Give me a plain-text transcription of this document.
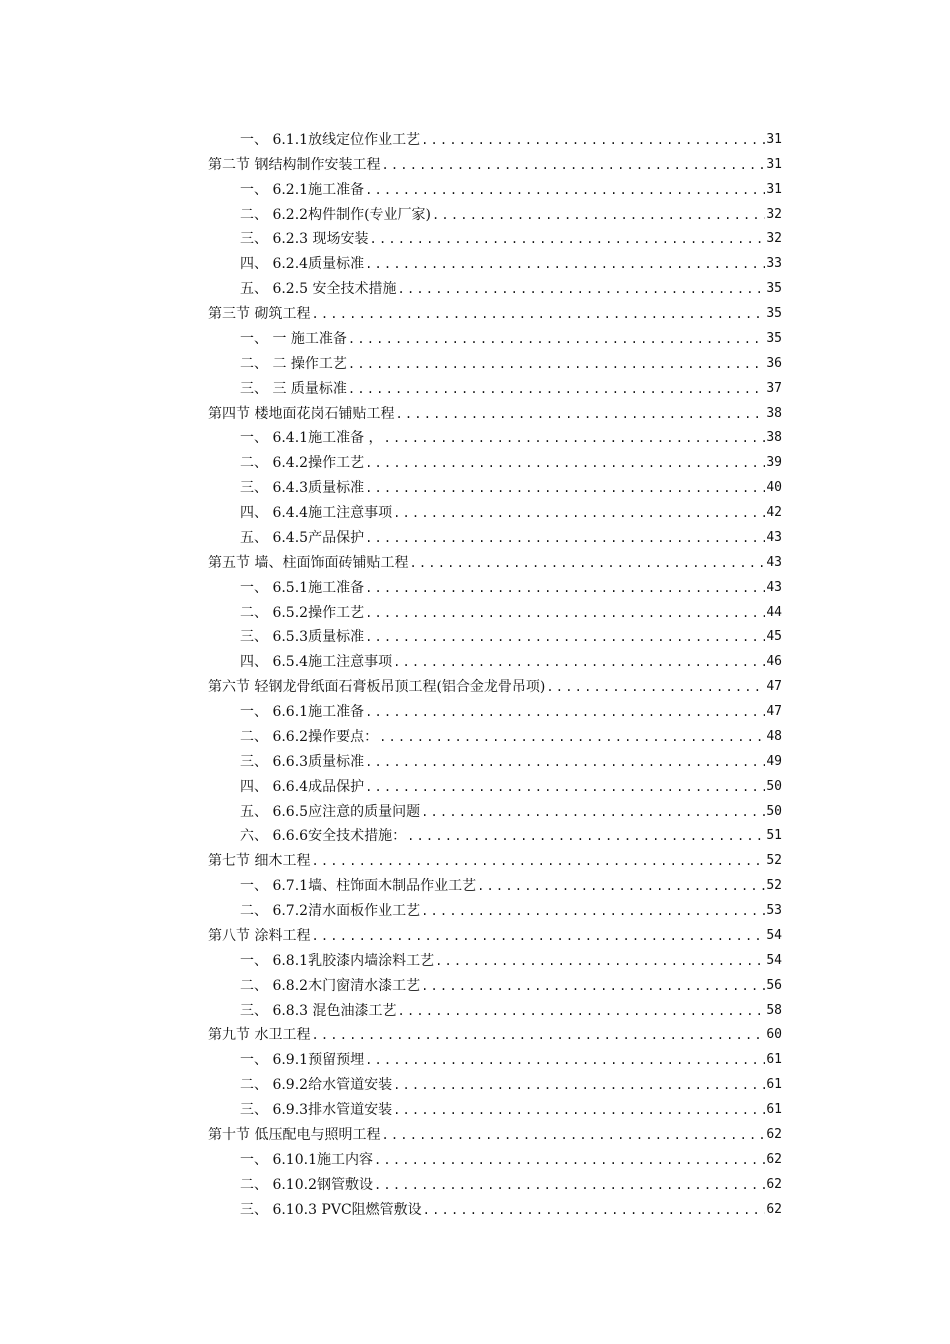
一、 6.1.1放线定位作业工艺 .....	31
第二节 钢结构制作安装工程 .....	31
一、 6.2.1施工准备 .....	31
二、 6.2.2构件制作(专业厂家) .....	32
三、 6.2.3 现场安装 .....	32
四、 6.2.4质量标准 .....	33
五、 6.2.5 安全技术措施 .....	35
第三节 砌筑工程 .....	35
一、 一 施工准备 .....	35
二、 二 操作工艺 .....	36
三、 三 质量标准 .....	37
第四节 楼地面花岗石铺贴工程 .....	38
一、 6.4.1施工准备 ， .....	38
二、 6.4.2操作工艺 .....	39
三、 6.4.3质量标准 .....	40
四、 6.4.4施工注意事项 .....	42
五、 6.4.5产品保护 .....	43
第五节 墙、柱面饰面砖铺贴工程 .....	43
一、 6.5.1施工准备 .....	43
二、 6.5.2操作工艺 .....	44
三、 6.5.3质量标准 .....	45
四、 6.5.4施工注意事项 .....	46
第六节 轻钢龙骨纸面石膏板吊顶工程(铝合金龙骨吊项) .....	47
一、 6.6.1施工准备 .....	47
二、 6.6.2操作要点： .....	48
三、 6.6.3质量标准 .....	49
四、 6.6.4成品保护 .....	50
五、 6.6.5应注意的质量问题 .....	50
六、 6.6.6安全技术措施： .....	51
第七节 细木工程 .....	52
一、 6.7.1墙、柱饰面木制品作业工艺 .....	52
二、 6.7.2清水面板作业工艺 .....	53
第八节 涂料工程 .....	54
一、 6.8.1乳胶漆内墙涂料工艺 .....	54
二、 6.8.2木门窗清水漆工艺 .....	56
三、 6.8.3 混色油漆工艺 .....	58
第九节 水卫工程 .....	60
一、 6.9.1预留预埋 .....	61
二、 6.9.2给水管道安装 .....	61
三、 6.9.3排水管道安装 .....	61
第十节 低压配电与照明工程 .....	62
一、 6.10.1施工内容 .....	62
二、 6.10.2钢管敷设 .....	62
三、 6.10.3 PVC阻燃管敷设 .....	62
